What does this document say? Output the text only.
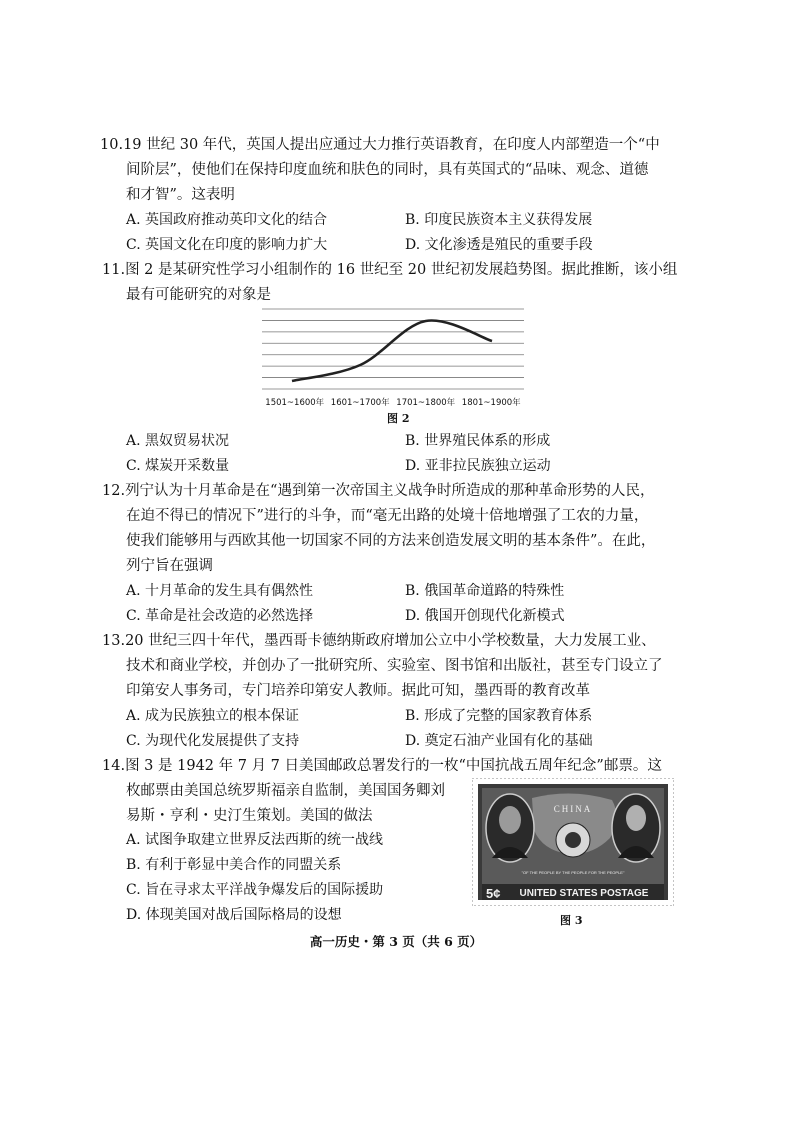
10.19 世纪 30 年代，英国人提出应通过大力推行英语教育，在印度人内部塑造一个“中
间阶层”，使他们在保持印度血统和肤色的同时，具有英国式的“品味、观念、道德
和才智”。这表明
A. 英国政府推动英印文化的结合	B. 印度民族资本主义获得发展
C. 英国文化在印度的影响力扩大	D. 文化渗透是殖民的重要手段
11.图 2 是某研究性学习小组制作的 16 世纪至 20 世纪初发展趋势图。据此推断，该小组
最有可能研究的对象是
1501~1600年 1601~1700年 1701~1800年 1801~1900年
图 2
A. 黑奴贸易状况	B. 世界殖民体系的形成
C. 煤炭开采数量	D. 亚非拉民族独立运动
12.列宁认为十月革命是在“遇到第一次帝国主义战争时所造成的那种革命形势的人民，
在迫不得已的情况下”进行的斗争，而“毫无出路的处境十倍地增强了工农的力量，
使我们能够用与西欧其他一切国家不同的方法来创造发展文明的基本条件”。在此，
列宁旨在强调
A. 十月革命的发生具有偶然性	B. 俄国革命道路的特殊性
C. 革命是社会改造的必然选择	D. 俄国开创现代化新模式
13.20 世纪三四十年代，墨西哥卡德纳斯政府增加公立中小学校数量，大力发展工业、
技术和商业学校，并创办了一批研究所、实验室、图书馆和出版社，甚至专门设立了
印第安人事务司，专门培养印第安人教师。据此可知，墨西哥的教育改革
A. 成为民族独立的根本保证	B. 形成了完整的国家教育体系
C. 为现代化发展提供了支持	D. 奠定石油产业国有化的基础
14.图 3 是 1942 年 7 月 7 日美国邮政总署发行的一枚“中国抗战五周年纪念”邮票。这
枚邮票由美国总统罗斯福亲自监制，美国国务卿刘
易斯・亨利・史汀生策划。美国的做法
A. 试图争取建立世界反法西斯的统一战线
B. 有利于彰显中美合作的同盟关系
C. 旨在寻求太平洋战争爆发后的国际援助
D. 体现美国对战后国际格局的设想
CHINA
"OF THE PEOPLE BY THE PEOPLE FOR THE PEOPLE"
5¢ UNITED STATES POSTAGE
图 3
高一历史・第 3 页（共 6 页）
